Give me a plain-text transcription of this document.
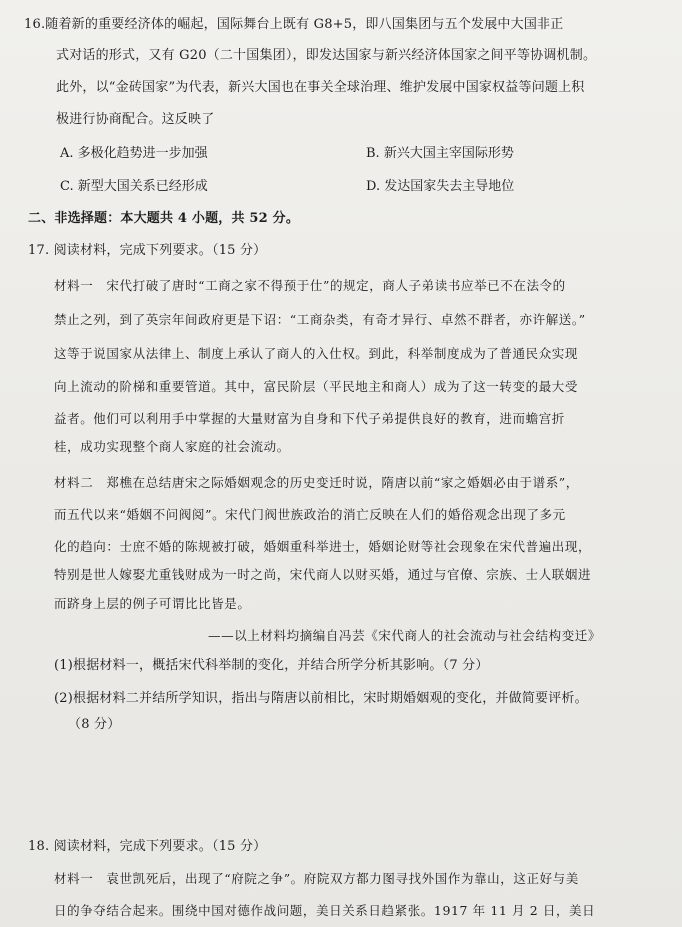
16.随着新的重要经济体的崛起，国际舞台上既有 G8+5，即八国集团与五个发展中大国非正
式对话的形式，又有 G20（二十国集团），即发达国家与新兴经济体国家之间平等协调机制。
此外，以“金砖国家”为代表，新兴大国也在事关全球治理、维护发展中国家权益等问题上积
极进行协商配合。这反映了
A. 多极化趋势进一步加强	B. 新兴大国主宰国际形势
C. 新型大国关系已经形成	D. 发达国家失去主导地位
二、非选择题：本大题共 4 小题，共 52 分。
17. 阅读材料，完成下列要求。（15 分）
材料一　宋代打破了唐时“工商之家不得预于仕”的规定，商人子弟读书应举已不在法令的
禁止之列，到了英宗年间政府更是下诏：“工商杂类，有奇才异行、卓然不群者，亦许解送。”
这等于说国家从法律上、制度上承认了商人的入仕权。到此，科举制度成为了普通民众实现
向上流动的阶梯和重要管道。其中，富民阶层（平民地主和商人）成为了这一转变的最大受
益者。他们可以利用手中掌握的大量财富为自身和下代子弟提供良好的教育，进而蟾宫折
桂，成功实现整个商人家庭的社会流动。
材料二　郑樵在总结唐宋之际婚姻观念的历史变迁时说，隋唐以前“家之婚姻必由于谱系”，
而五代以来“婚姻不问阀阅”。宋代门阀世族政治的消亡反映在人们的婚俗观念出现了多元
化的趋向：士庶不婚的陈规被打破，婚姻重科举进士，婚姻论财等社会现象在宋代普遍出现，
特别是世人嫁娶尤重钱财成为一时之尚，宋代商人以财买婚，通过与官僚、宗族、士人联姻进
而跻身上层的例子可谓比比皆是。
——以上材料均摘编自冯芸《宋代商人的社会流动与社会结构变迁》
(1)根据材料一，概括宋代科举制的变化，并结合所学分析其影响。（7 分）
(2)根据材料二并结所学知识，指出与隋唐以前相比，宋时期婚姻观的变化，并做简要评析。
（8 分）
18. 阅读材料，完成下列要求。（15 分）
材料一　袁世凯死后，出现了“府院之争”。府院双方都力图寻找外国作为靠山，这正好与美
日的争夺结合起来。围绕中国对德作战问题，美日关系日趋紧张。1917 年 11 月 2 日，美日
